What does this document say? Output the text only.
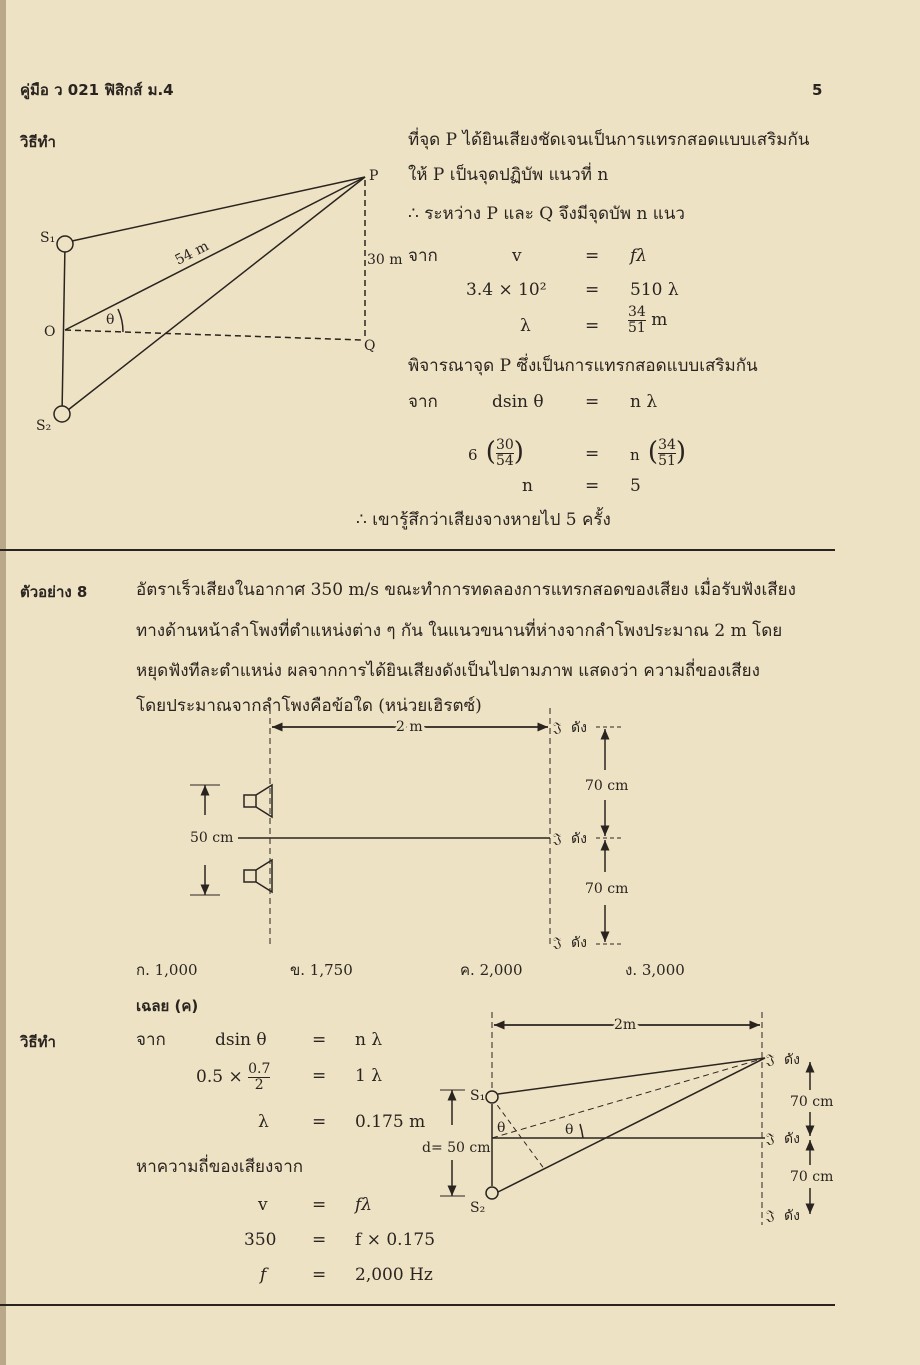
คู่มือ ว 021 ฟิสิกส์ ม.4	5
วิธีทำ	ที่จุด P ได้ยินเสียงชัดเจนเป็นการแทรกสอดแบบเสริมกัน
ให้ P เป็นจุดปฏิบัพ แนวที่ n
∴ ระหว่าง P และ Q จึงมีจุดบัพ n แนว
จาก	v	= fλ
3.4 × 10² = 510 λ
λ	= $\frac{34}{51}$ m
พิจารณาจุด P ซึ่งเป็นการแทรกสอดแบบเสริมกัน
จาก	dsin θ = n λ
6 ( $\frac{30}{54}$ )	= n ( $\frac{34}{51}$ )
n	= 5
∴ เขารู้สึกว่าเสียงจางหายไป 5 ครั้ง
ตัวอย่าง 8	อัตราเร็วเสียงในอากาศ 350 m/s ขณะทำการทดลองการแทรกสอดของเสียง เมื่อรับฟังเสียง
ทางด้านหน้าลำโพงที่ตำแหน่งต่าง ๆ กัน ในแนวขนานที่ห่างจากลำโพงประมาณ 2 m โดย
หยุดฟังทีละตำแหน่ง ผลจากการได้ยินเสียงดังเป็นไปตามภาพ แสดงว่า ความถี่ของเสียง
โดยประมาณจากลำโพงคือข้อใด (หน่วยเฮิรตซ์)
ก. 1,000	ข. 1,750	ค. 2,000	ง. 3,000
เฉลย (ค)
วิธีทำ	จาก	dsin θ	= n λ
$0.5 \times \frac{0.7}{2} = 1$ λ
λ	= 0.175 m
หาความถี่ของเสียงจาก
v	= fλ
350 = f × 0.175
f	= 2,000 Hz
S₁
S₂
O
P
Q
54 m	30 m
θ
2 m
50 cm
70 cm
70 cm
𝔍 ดัง
𝔍 ดัง
𝔍 ดัง
2m
S₁
S₂
d= 50 cm
θ	θ
70 cm
70 cm
𝔍 ดัง
𝔍 ดัง
𝔍 ดัง
